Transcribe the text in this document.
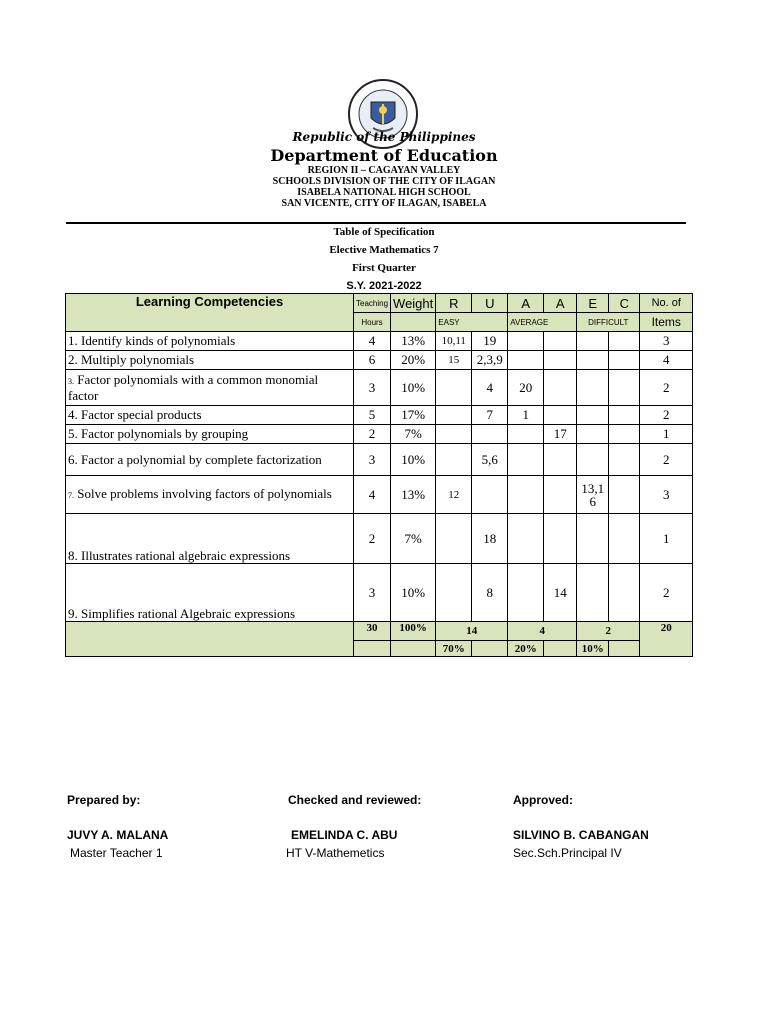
Republic of the Philippines
Department of Education
REGION II – CAGAYAN VALLEY
SCHOOLS DIVISION OF THE CITY OF ILAGAN
ISABELA NATIONAL HIGH SCHOOL
SAN VICENTE, CITY OF ILAGAN, ISABELA
Table of Specification
Elective Mathematics 7
First Quarter
S.Y. 2021-2022
Learning Competencies	Teaching	Weight	R	U	A	A	E	C	No. of
	Hours		EASY		AVERAGE		DIFFICULT		Items
1. Identify kinds of polynomials	4	13%	10,11	19					3
2. Multiply polynomials	6	20%	15	2,3,9					4
3. Factor polynomials with a common monomial factor	3	10%		4	20				2
4. Factor special products	5	17%		7	1				2
5. Factor polynomials by grouping	2	7%				17			1
6. Factor a polynomial by complete factorization	3	10%		5,6					2
7. Solve problems involving factors of polynomials	4	13%	12				13,1 6		3
8. Illustrates rational algebraic expressions	2	7%		18					1
9. Simplifies rational Algebraic expressions	3	10%		8		14			2
	30	100%	14		4		2		20
			70%		20%		10%		
Prepared by:	Checked and reviewed:	Approved:
JUVY A. MALANA	EMELINDA C. ABU	SILVINO B. CABANGAN
Master Teacher 1	HT V-Mathemetics	Sec.Sch.Principal IV
